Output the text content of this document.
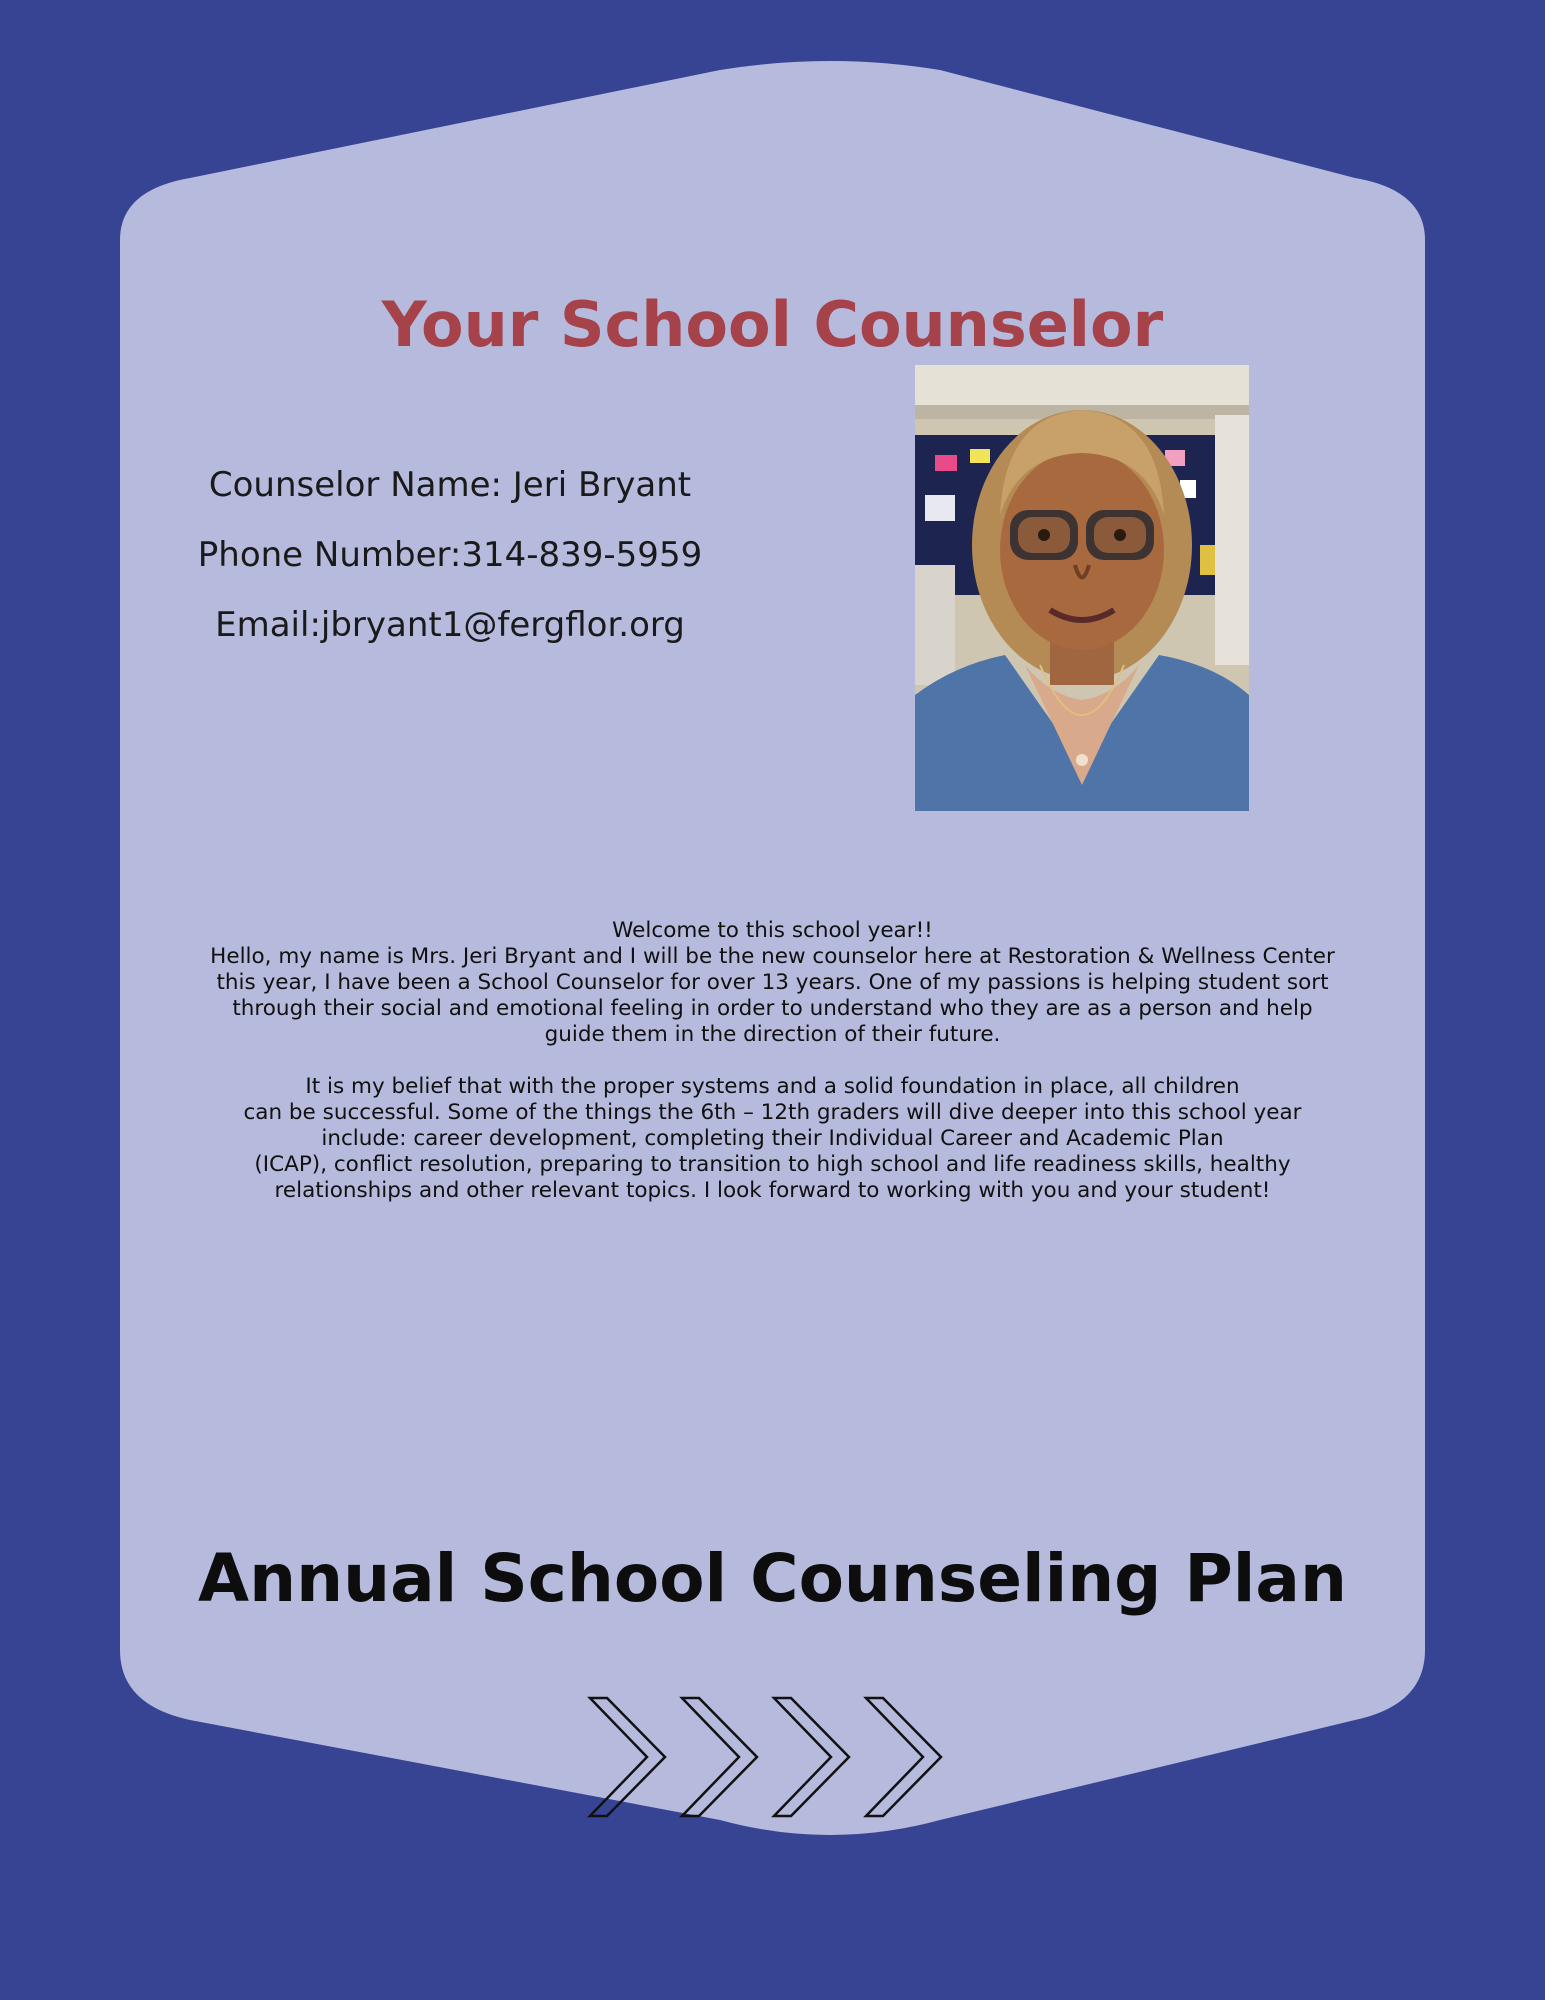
Your School Counselor
Counselor Name: Jeri Bryant
Phone Number:314-839-5959
Email:jbryant1@fergflor.org

Welcome to this school year!!

Hello, my name is Mrs. Jeri Bryant and I will be the new counselor here at Restoration & Wellness Center

this year, I have been a School Counselor for over 13 years. One of my passions is helping student sort

through their social and emotional feeling in order to understand who they are as a person and help

guide them in the direction of their future.

It is my belief that with the proper systems and a solid foundation in place, all children

can be successful. Some of the things the 6th – 12th graders will dive deeper into this school year

include: career development, completing their Individual Career and Academic Plan

(ICAP), conflict resolution, preparing to transition to high school and life readiness skills, healthy

relationships and other relevant topics. I look forward to working with you and your student!

Annual School Counseling Plan
